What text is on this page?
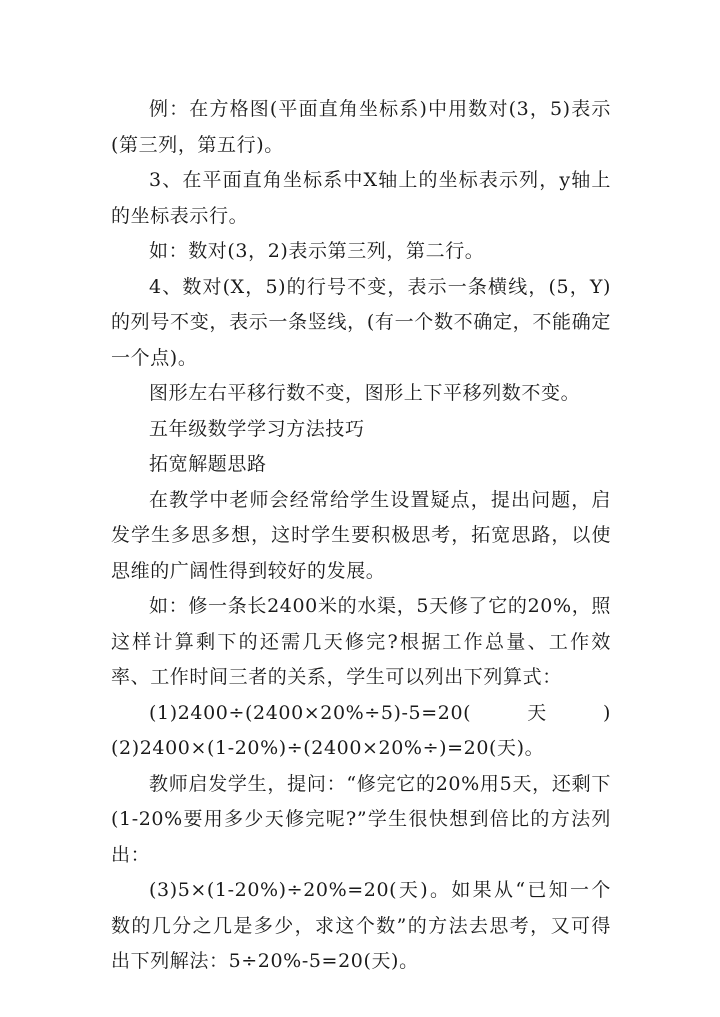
例：在方格图(平面直角坐标系)中用数对(3，5)表示(第三列，第五行)。

3、在平面直角坐标系中X轴上的坐标表示列，y轴上的坐标表示行。

如：数对(3，2)表示第三列，第二行。

4、数对(X，5)的行号不变，表示一条横线，(5，Y)的列号不变，表示一条竖线，(有一个数不确定，不能确定一个点)。

图形左右平移行数不变，图形上下平移列数不变。

五年级数学学习方法技巧

拓宽解题思路

在教学中老师会经常给学生设置疑点，提出问题，启发学生多思多想，这时学生要积极思考，拓宽思路，以使思维的广阔性得到较好的发展。

如：修一条长2400米的水渠，5天修了它的20%，照这样计算剩下的还需几天修完?根据工作总量、工作效率、工作时间三者的关系，学生可以列出下列算式：

(1)2400÷(2400×20%÷5)-5=20(天)(2)2400×(1-20%)÷(2400×20%÷)=20(天)。

教师启发学生，提问：“修完它的20%用5天，还剩下(1-20%要用多少天修完呢?”学生很快想到倍比的方法列出：

(3)5×(1-20%)÷20%=20(天)。如果从“已知一个数的几分之几是多少，求这个数”的方法去思考，又可得出下列解法：5÷20%-5=20(天)。
